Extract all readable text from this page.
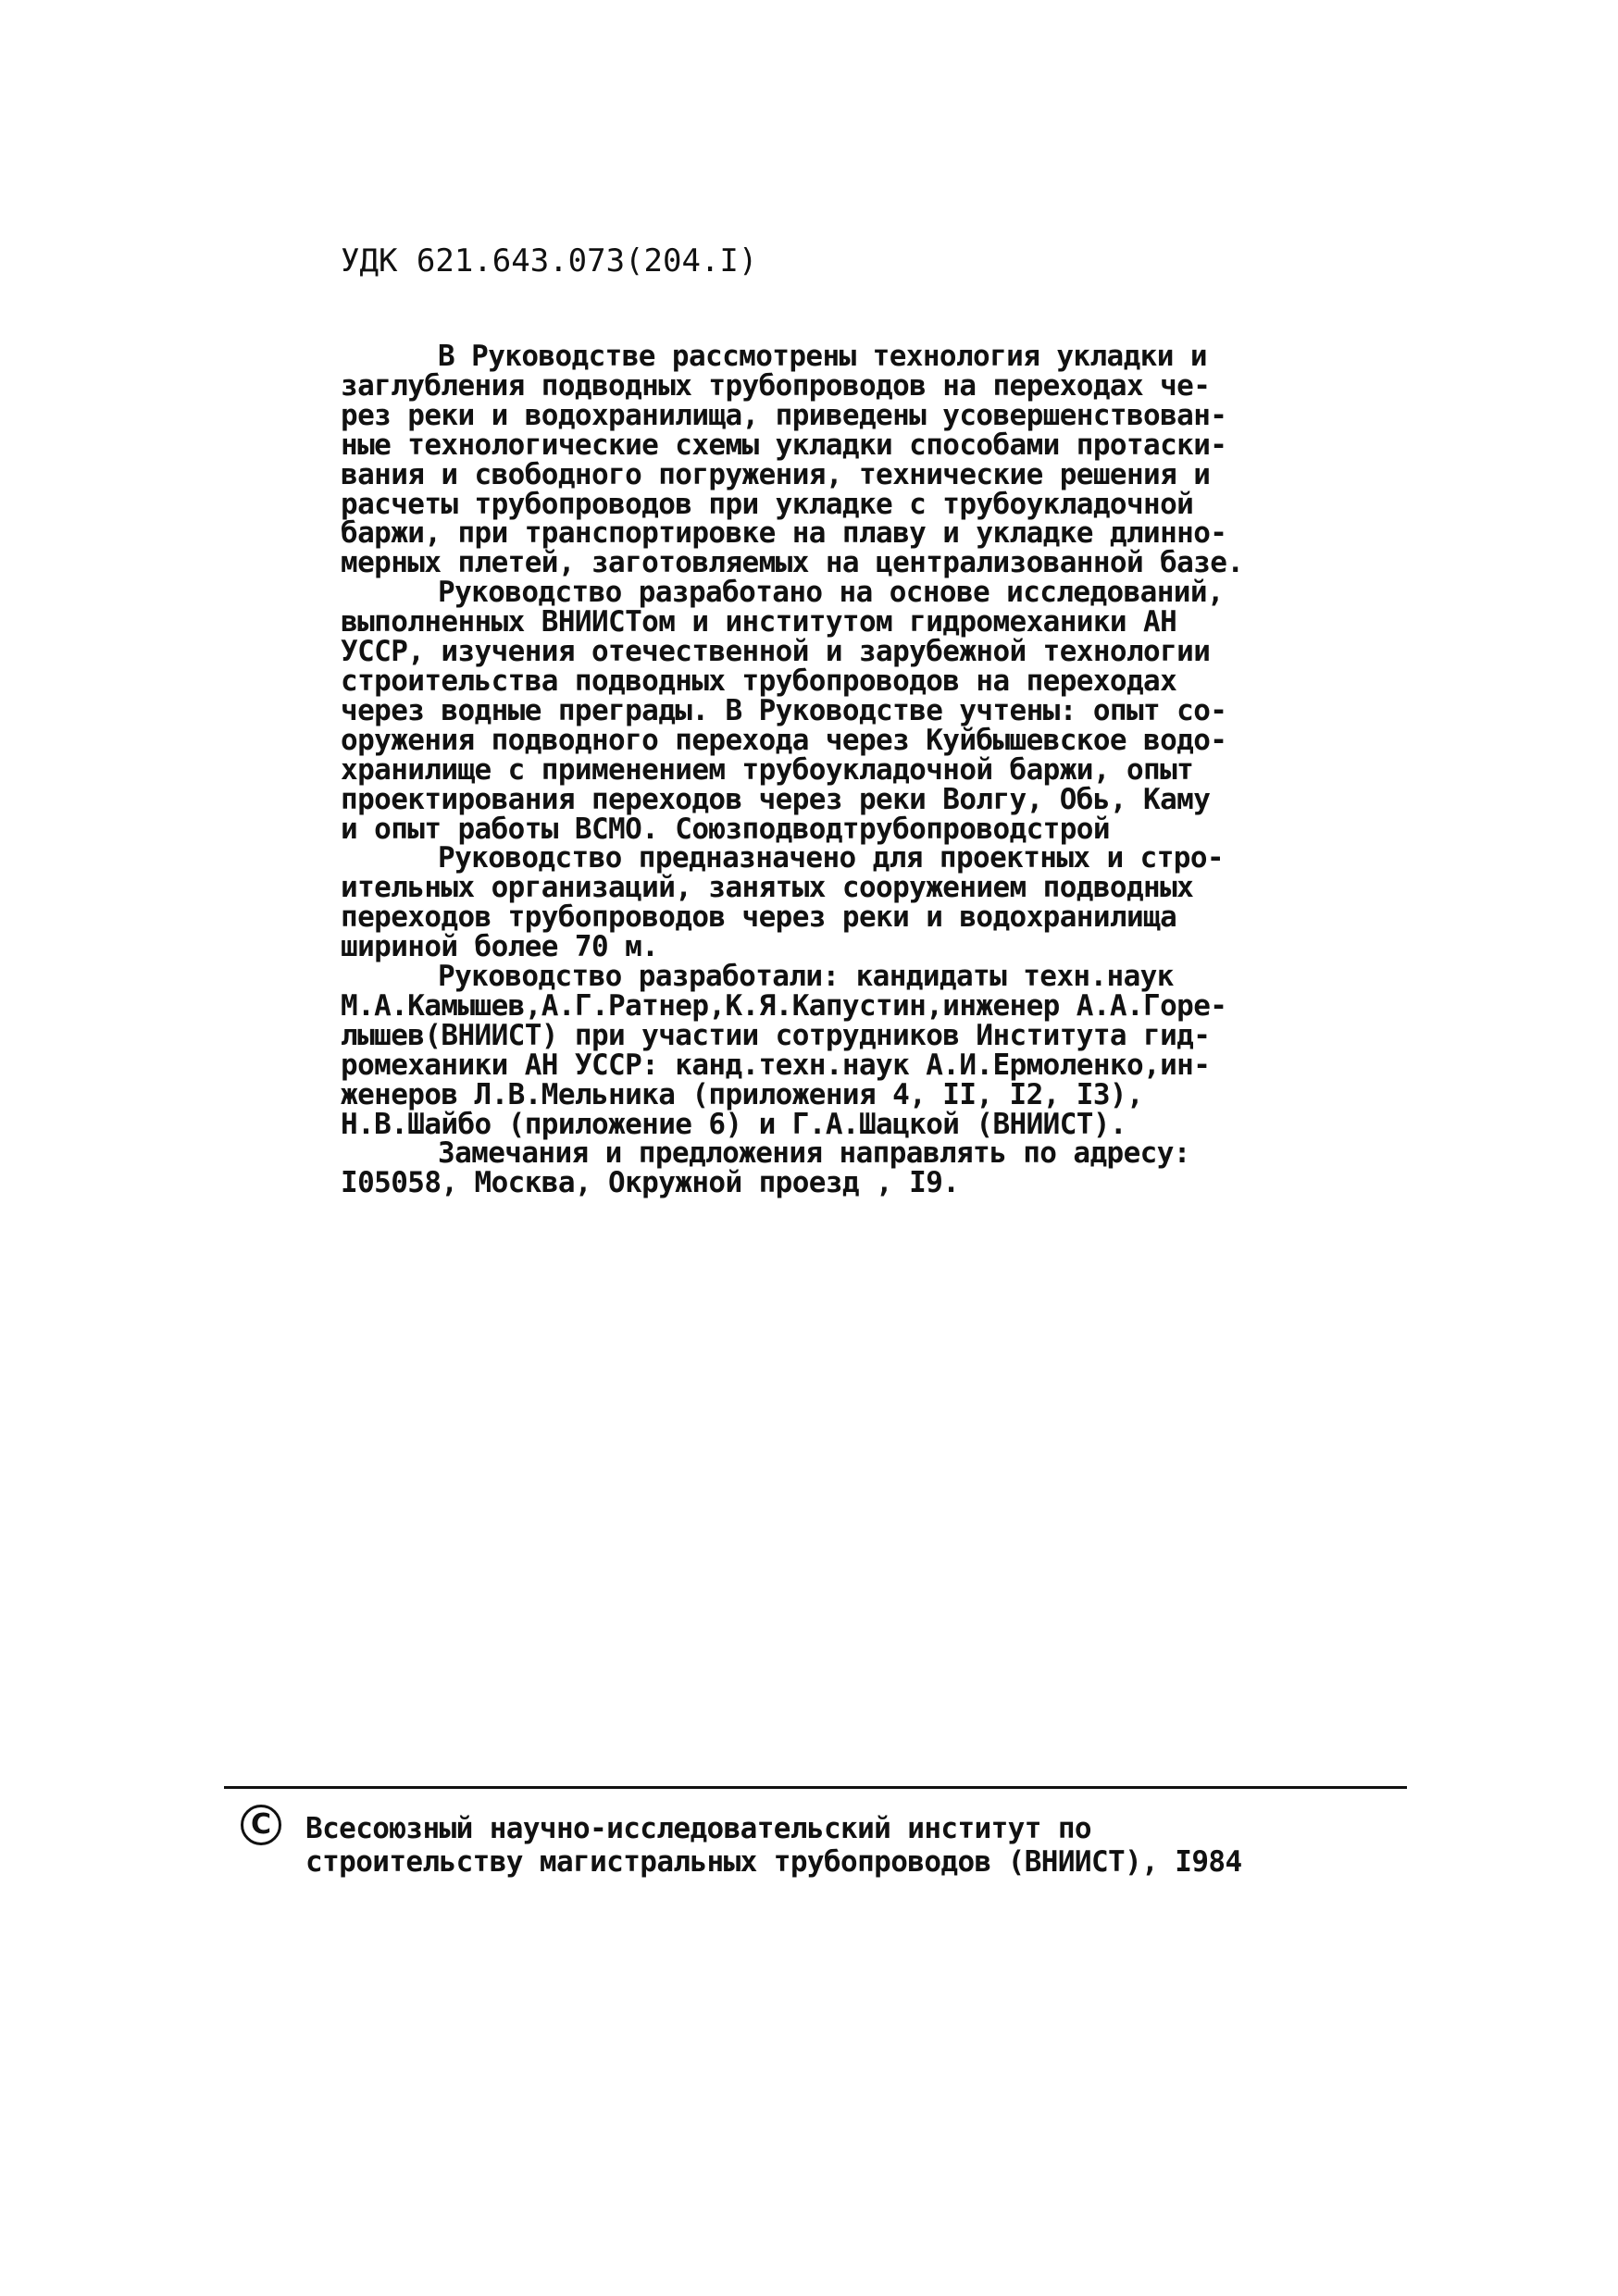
УДК 621.643.073(204.I)
В Руководстве рассмотрены технология укладки и
заглубления подводных трубопроводов на переходах че-
рез реки и водохранилища, приведены усовершенствован-
ные технологические схемы укладки способами протаски-
вания и свободного погружения, технические решения и
расчеты трубопроводов при укладке с трубоукладочной
баржи, при транспортировке на плаву и укладке длинно-
мерных плетей, заготовляемых на централизованной базе.
Руководство разработано на основе исследований,
выполненных ВНИИСТом и институтом гидромеханики АН
УССР, изучения отечественной и зарубежной технологии
строительства подводных трубопроводов на переходах
через водные преграды. В Руководстве учтены: опыт со-
оружения подводного перехода через Куйбышевское водо-
хранилище с применением трубоукладочной баржи, опыт
проектирования переходов через реки Волгу, Обь, Каму
и опыт работы ВСМО. Союзподводтрубопроводстрой
Руководство предназначено для проектных и стро-
ительных организаций, занятых сооружением подводных
переходов трубопроводов через реки и водохранилища
шириной более 70 м.
Руководство разработали: кандидаты техн.наук
М.А.Камышев,А.Г.Ратнер,К.Я.Капустин,инженер А.А.Горе-
лышев(ВНИИСТ) при участии сотрудников Института гид-
ромеханики АН УССР: канд.техн.наук А.И.Ермоленко,ин-
женеров Л.В.Мельника (приложения 4, II, I2, I3),
Н.В.Шайбо (приложение 6) и Г.А.Шацкой (ВНИИСТ).
Замечания и предложения направлять по адресу:
I05058, Москва, Окружной проезд , I9.
C	Всесоюзный научно-исследовательский институт по
строительству магистральных трубопроводов (ВНИИСТ), I984
